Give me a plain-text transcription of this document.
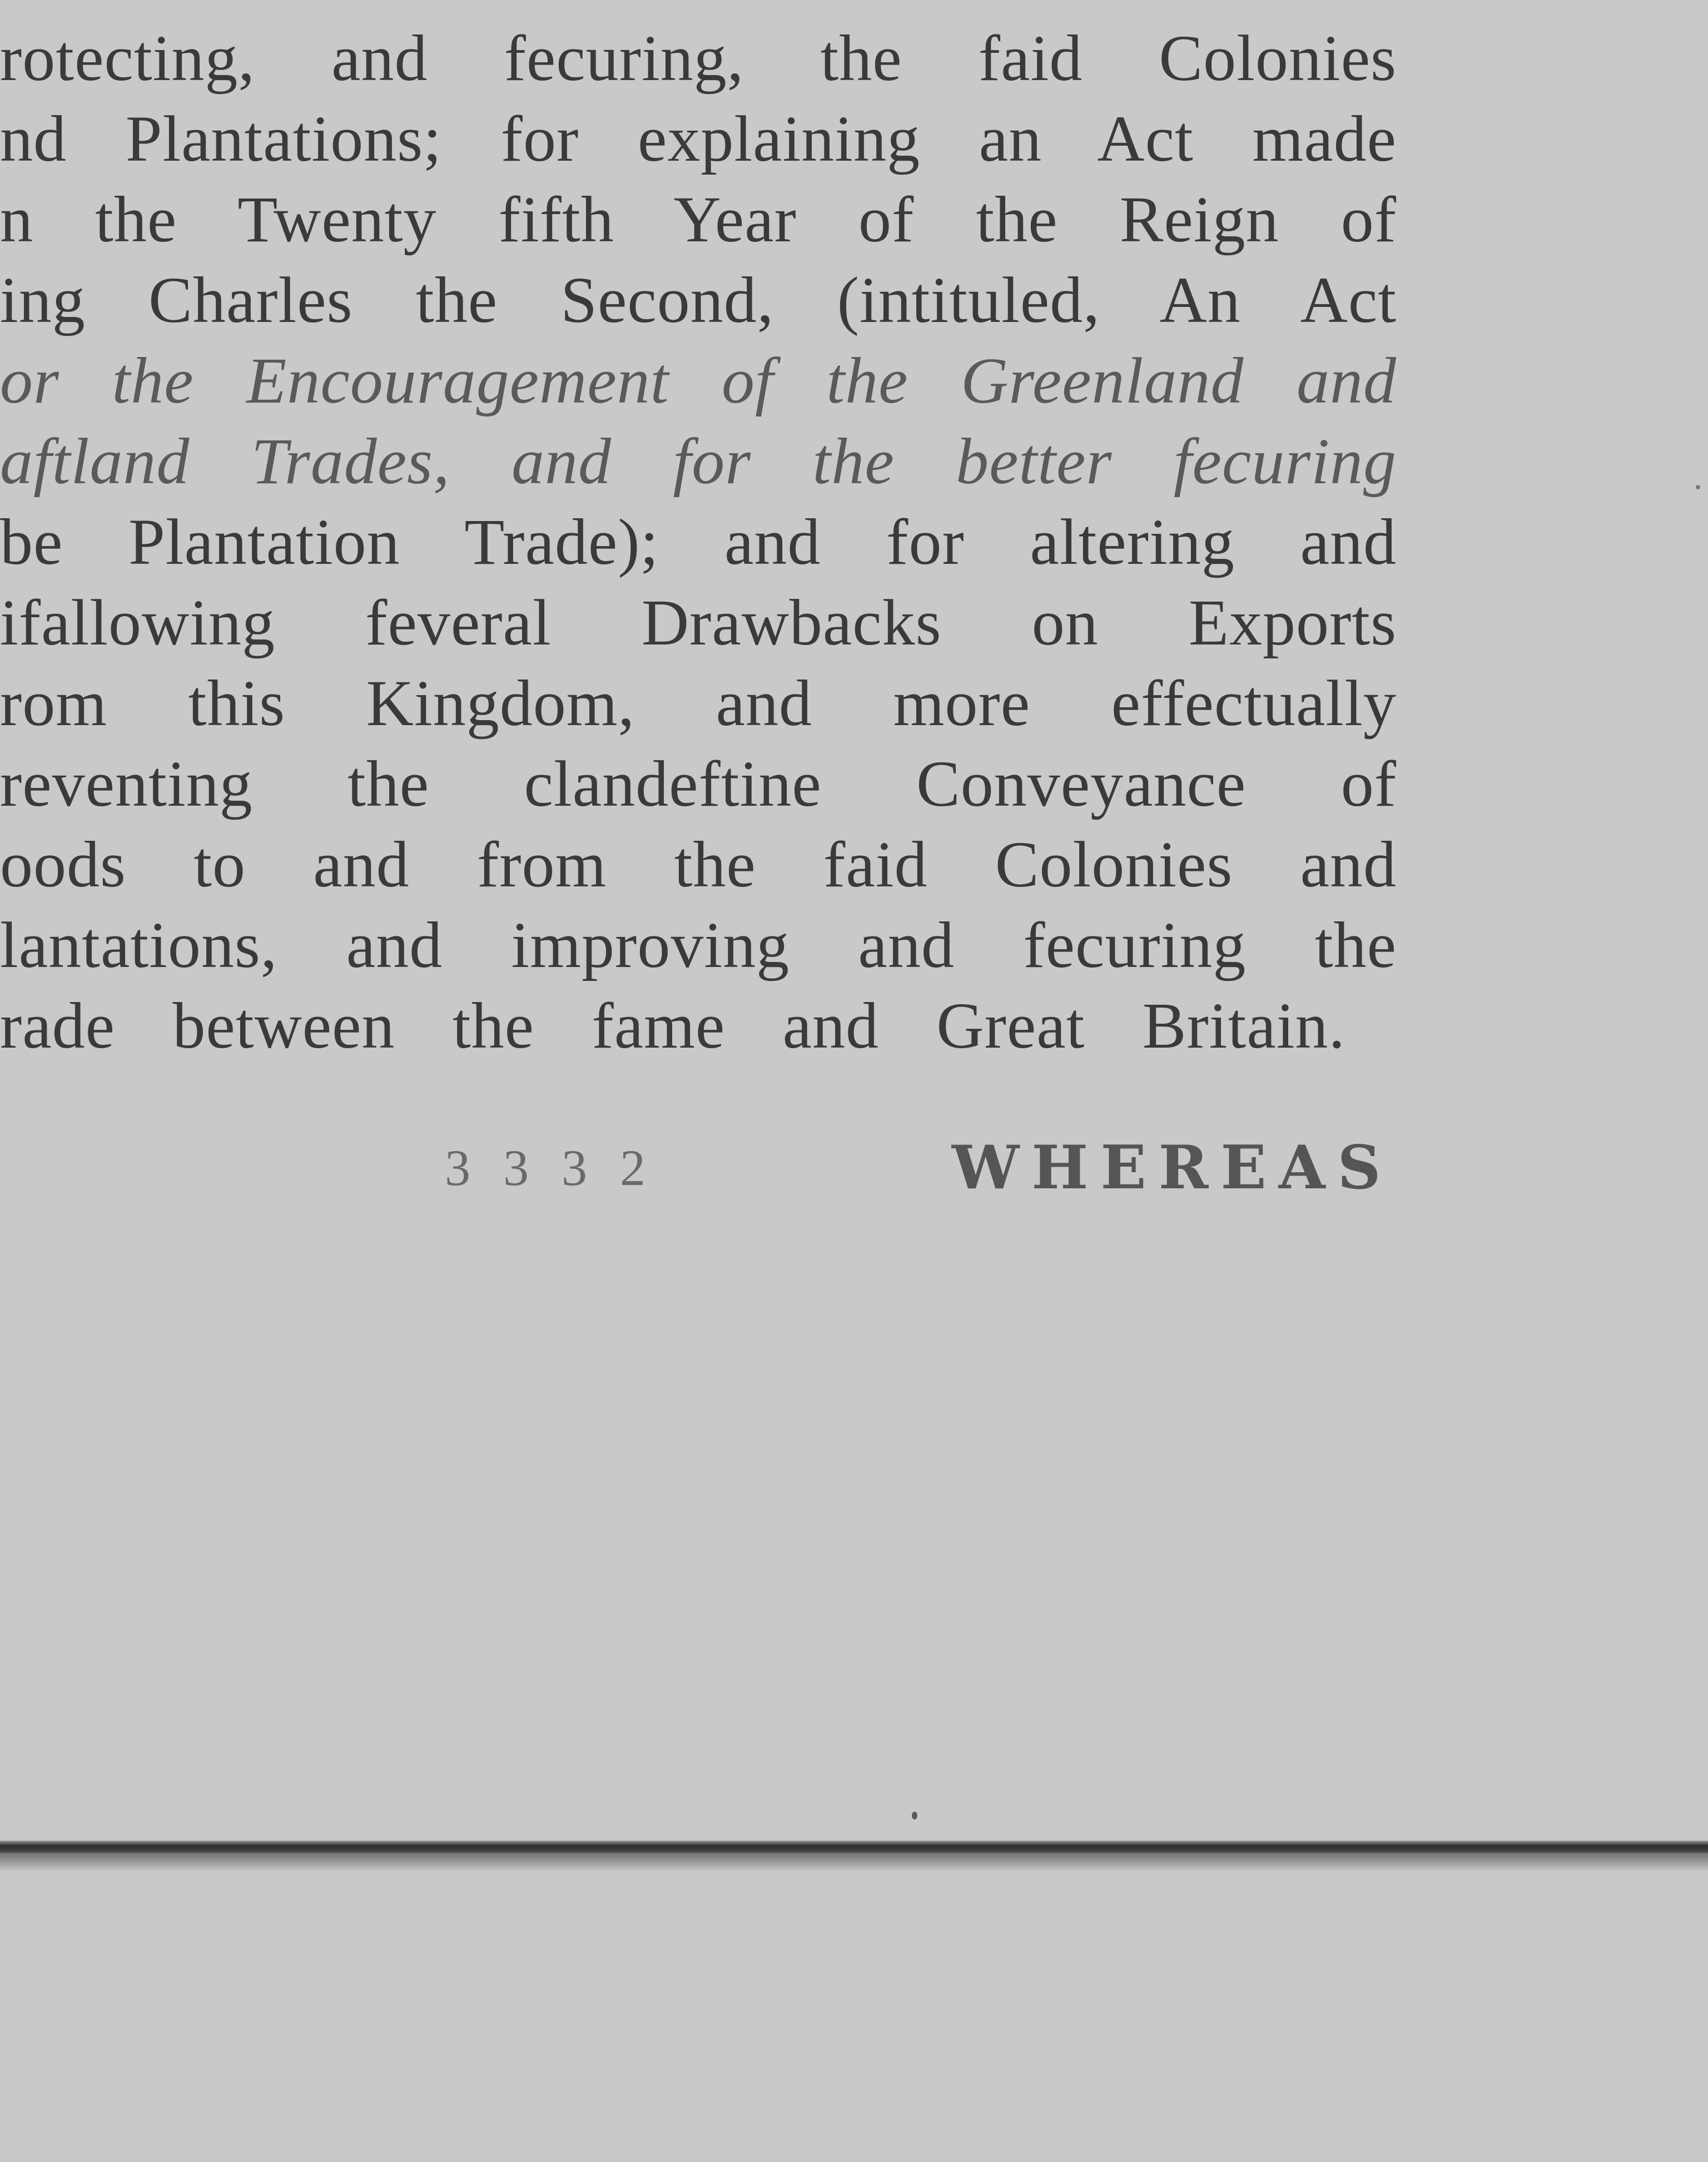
rotecting, and fecuring, the faid Colonies
nd Plantations; for explaining an Act made
n the Twenty fifth Year of the Reign of
ing Charles the Second, (intituled, An Act
or the Encouragement of the Greenland and
aftland Trades, and for the better fecuring
be Plantation Trade); and for altering and
ifallowing feveral Drawbacks on Exports
rom this Kingdom, and more effectually
reventing the clandeftine Conveyance of
oods to and from the faid Colonies and
lantations, and improving and fecuring the
rade between the fame and Great Britain.
3 3 3 2	WHEREAS
